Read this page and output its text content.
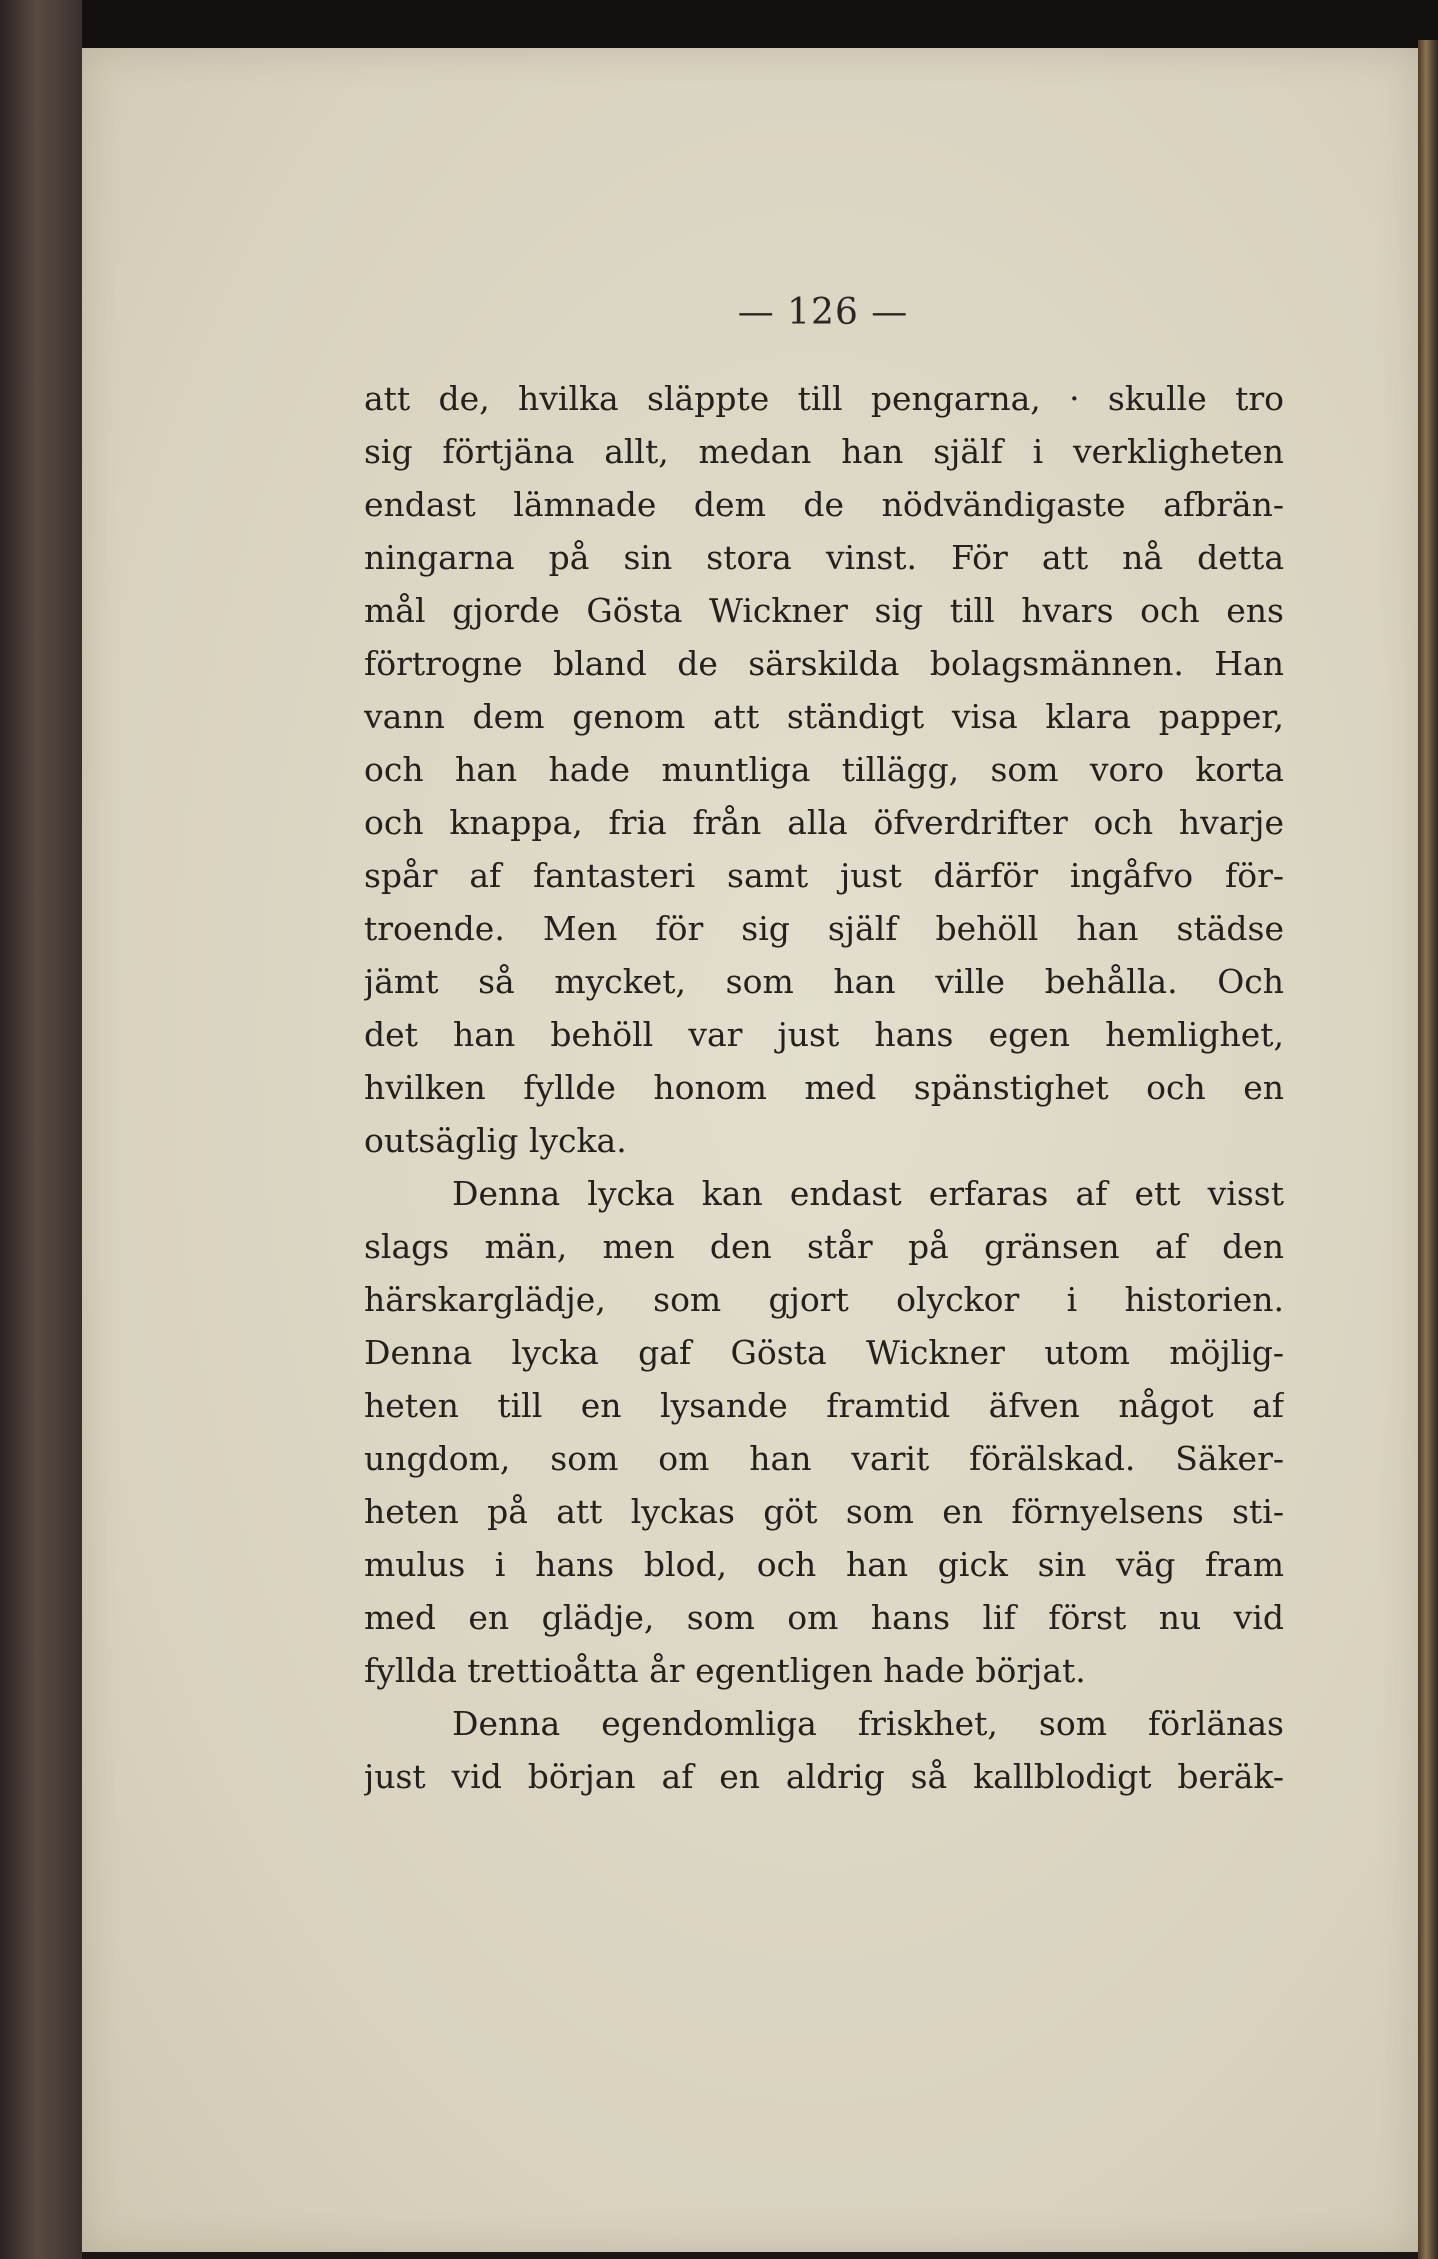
— 126 —
att de, hvilka släppte till pengarna, · skulle tro
sig förtjäna allt, medan han själf i verkligheten
endast lämnade dem de nödvändigaste afbrän-
ningarna på sin stora vinst. För att nå detta
mål gjorde Gösta Wickner sig till hvars och ens
förtrogne bland de särskilda bolagsmännen. Han
vann dem genom att ständigt visa klara papper,
och han hade muntliga tillägg, som voro korta
och knappa, fria från alla öfverdrifter och hvarje
spår af fantasteri samt just därför ingåfvo för-
troende. Men för sig själf behöll han städse
jämt så mycket, som han ville behålla. Och
det han behöll var just hans egen hemlighet,
hvilken fyllde honom med spänstighet och en
outsäglig lycka.
Denna lycka kan endast erfaras af ett visst
slags män, men den står på gränsen af den
härskarglädje, som gjort olyckor i historien.
Denna lycka gaf Gösta Wickner utom möjlig-
heten till en lysande framtid äfven något af
ungdom, som om han varit förälskad. Säker-
heten på att lyckas göt som en förnyelsens sti-
mulus i hans blod, och han gick sin väg fram
med en glädje, som om hans lif först nu vid
fyllda trettioåtta år egentligen hade börjat.
Denna egendomliga friskhet, som förlänas
just vid början af en aldrig så kallblodigt beräk-
